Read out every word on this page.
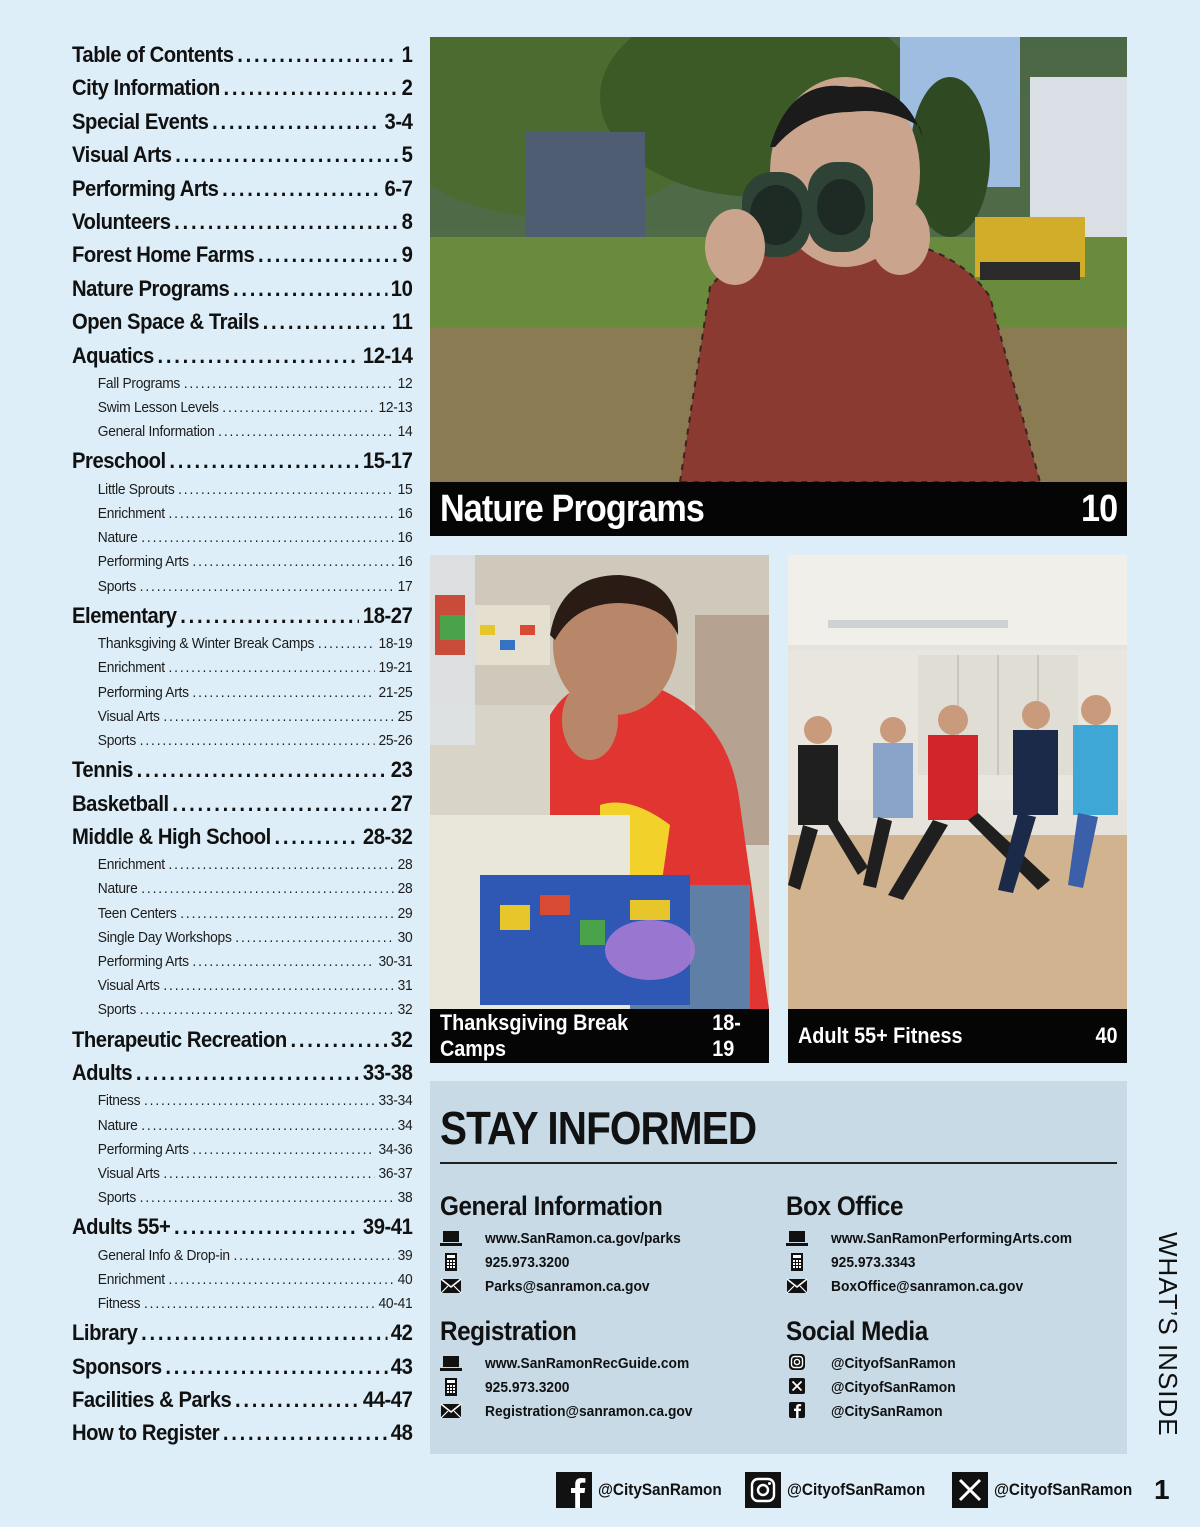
Table of Contents .....	1
City Information .....	2
Special Events .....	3-4
Visual Arts .....	5
Performing Arts .....	6-7
Volunteers .....	8
Forest Home Farms .....	9
Nature Programs .....	10
Open Space & Trails .....	11
Aquatics .....	12-14
Fall Programs .....	12
Swim Lesson Levels .....	12-13
General Information .....	14
Preschool .....	15-17
Little Sprouts .....	15
Enrichment .....	16
Nature .....	16
Performing Arts .....	16
Sports .....	17
Elementary .....	18-27
Thanksgiving & Winter Break Camps .....	18-19
Enrichment .....	19-21
Performing Arts .....	21-25
Visual Arts .....	25
Sports .....	25-26
Tennis .....	23
Basketball .....	27
Middle & High School .....	28-32
Enrichment .....	28
Nature .....	28
Teen Centers .....	29
Single Day Workshops .....	30
Performing Arts .....	30-31
Visual Arts .....	31
Sports .....	32
Therapeutic Recreation .....	32
Adults .....	33-38
Fitness .....	33-34
Nature .....	34
Performing Arts .....	34-36
Visual Arts .....	36-37
Sports .....	38
Adults 55+ .....	39-41
General Info & Drop-in .....	39
Enrichment .....	40
Fitness .....	40-41
Library .....	42
Sponsors .....	43
Facilities & Parks .....	44-47
How to Register .....	48
Nature Programs	10
Thanksgiving Break Camps
18-19
Adult 55+ Fitness	40
STAY INFORMED
General Information
www.SanRamon.ca.gov/parks
925.973.3200
Parks@sanramon.ca.gov
Box Office
www.SanRamonPerformingArts.com
925.973.3343
BoxOffice@sanramon.ca.gov
Registration
www.SanRamonRecGuide.com
925.973.3200
Registration@sanramon.ca.gov
Social Media
@CityofSanRamon
@CityofSanRamon
@CitySanRamon	WHAT’S INSIDE
@CitySanRamon	@CityofSanRamon	@CityofSanRamon 1
